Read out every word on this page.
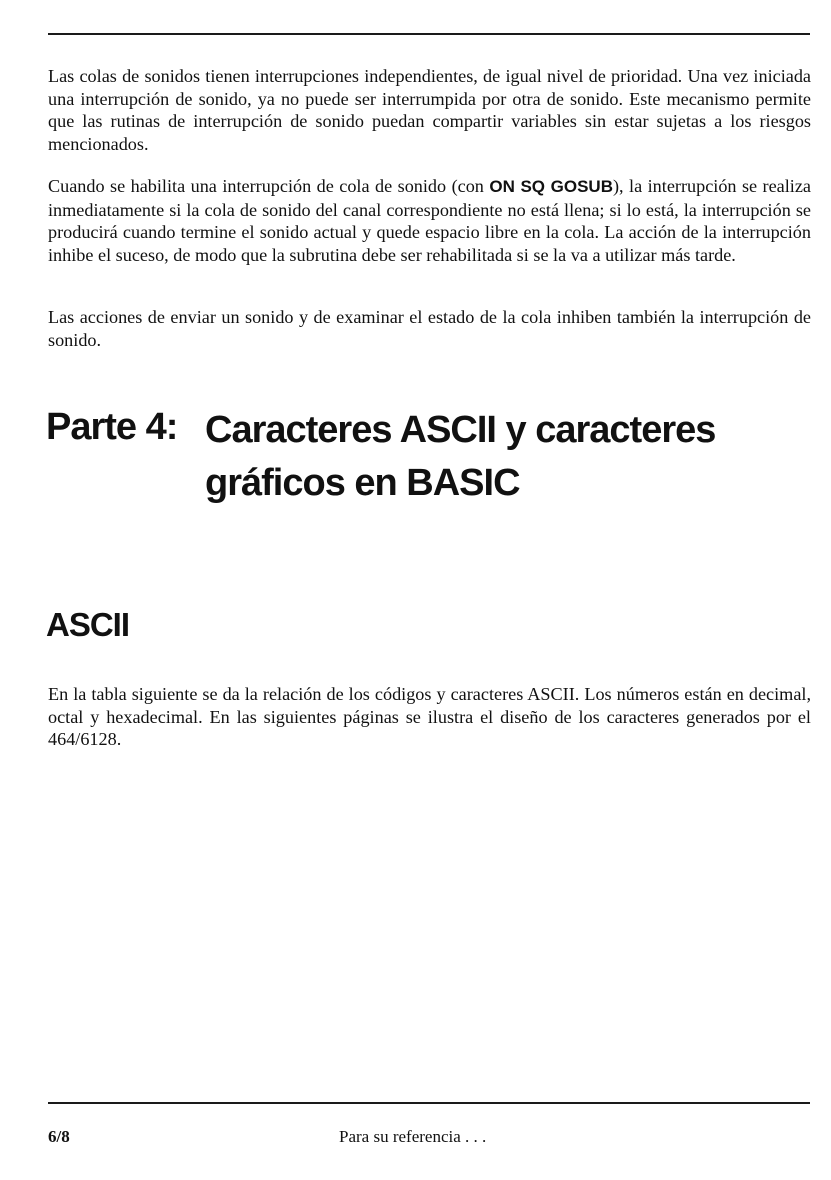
Las colas de sonidos tienen interrupciones independientes, de igual nivel de prioridad. Una vez iniciada una interrupción de sonido, ya no puede ser interrumpida por otra de sonido. Este mecanismo permite que las rutinas de interrupción de sonido puedan compartir variables sin estar sujetas a los riesgos mencionados.

Cuando se habilita una interrupción de cola de sonido (con ON SQ GOSUB), la interrupción se realiza inmediatamente si la cola de sonido del canal correspondiente no está llena; si lo está, la interrupción se producirá cuando termine el sonido actual y quede espacio libre en la cola. La acción de la interrupción inhibe el suceso, de modo que la subrutina debe ser rehabilitada si se la va a utilizar más tarde.

Las acciones de enviar un sonido y de examinar el estado de la cola inhiben también la interrupción de sonido.

Parte 4: Caracteres ASCII y caracteres
gráficos en BASIC
ASCII

En la tabla siguiente se da la relación de los códigos y caracteres ASCII. Los números están en decimal, octal y hexadecimal. En las siguientes páginas se ilustra el diseño de los caracteres generados por el 464/6128.

6/8	Para su referencia . . .
